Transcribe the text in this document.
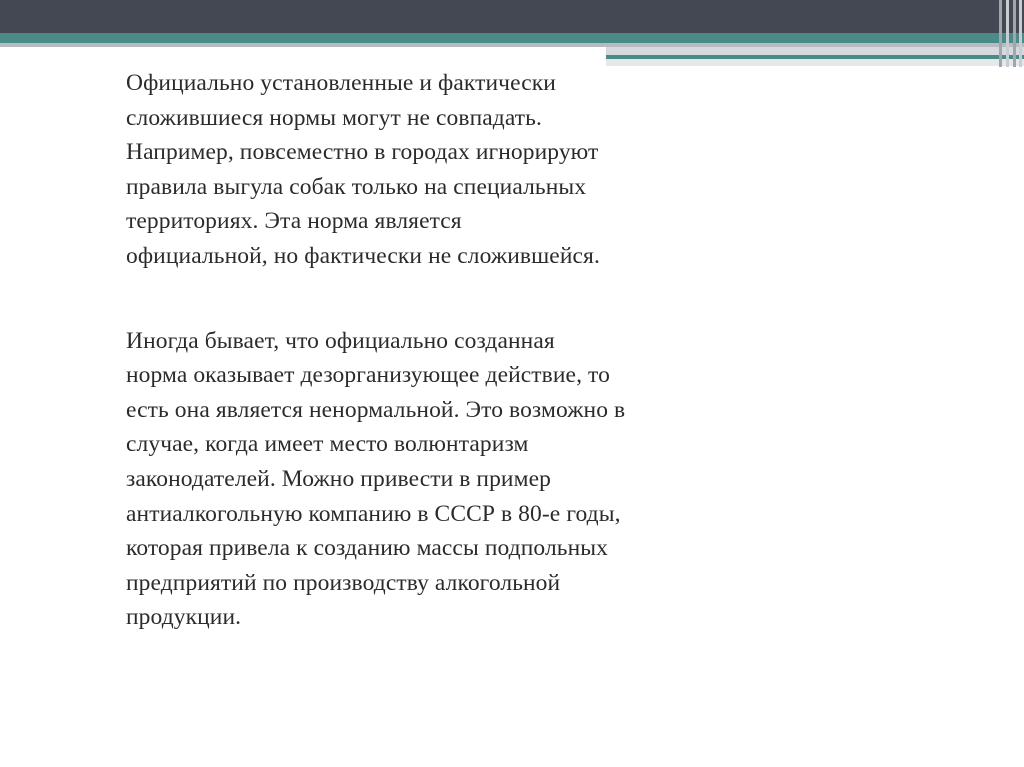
Официально установленные и фактически
сложившиеся нормы могут не совпадать.
Например, повсеместно в городах игнорируют
правила выгула собак только на специальных
территориях. Эта норма является
официальной, но фактически не сложившейся.

Иногда бывает, что официально созданная
норма оказывает дезорганизующее действие, то
есть она является ненормальной. Это возможно в
случае, когда имеет место волюнтаризм
законодателей. Можно привести в пример
антиалкогольную компанию в СССР в 80-е годы,
которая привела к созданию массы подпольных
предприятий по производству алкогольной
продукции.
